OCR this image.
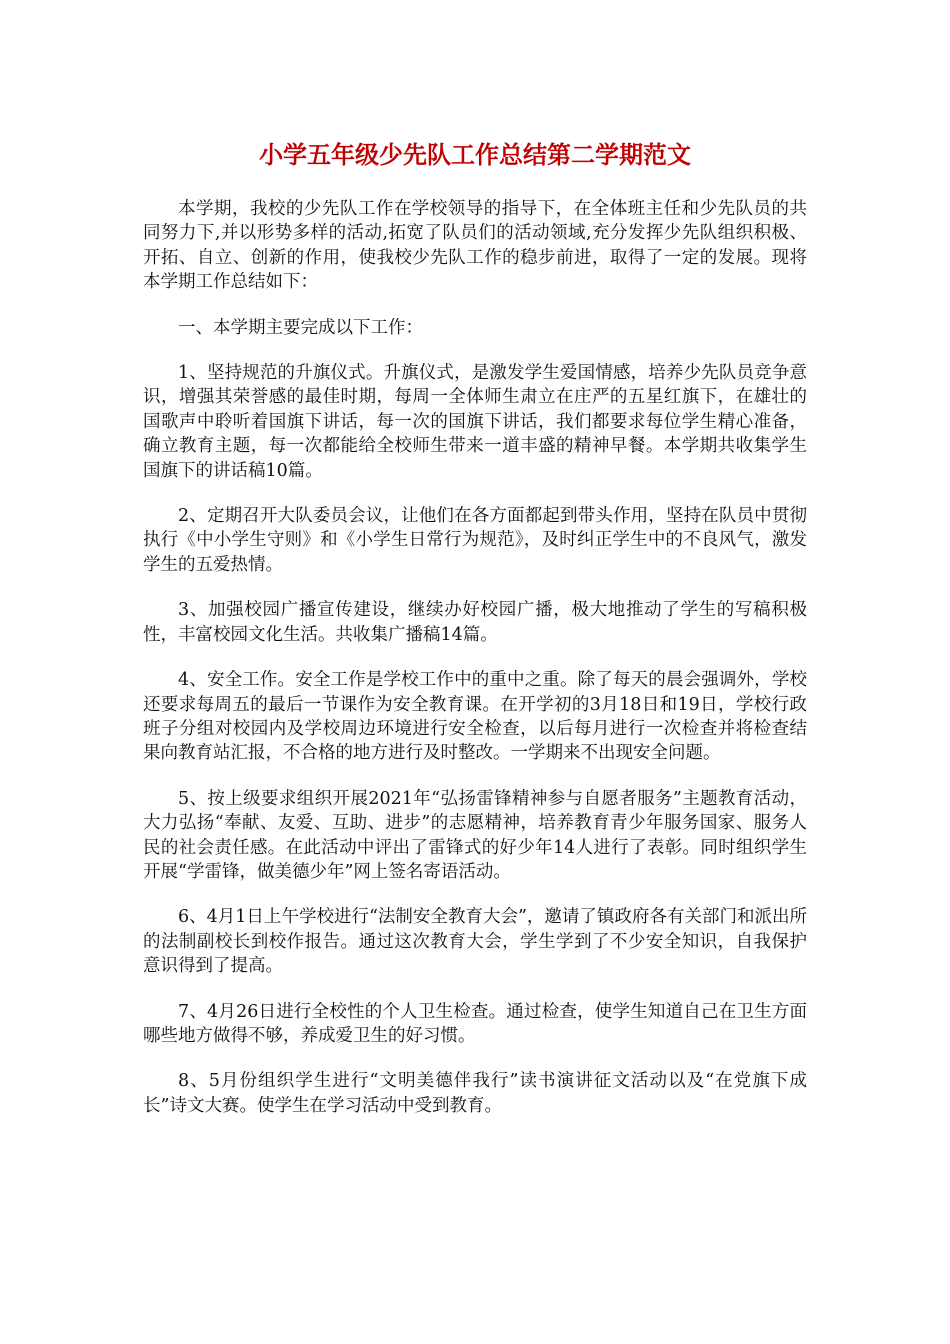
小学五年级少先队工作总结第二学期范文

本学期，我校的少先队工作在学校领导的指导下，在全体班主任和少先队员的共同努力下,并以形势多样的活动,拓宽了队员们的活动领域,充分发挥少先队组织积极、开拓、自立、创新的作用，使我校少先队工作的稳步前进，取得了一定的发展。现将本学期工作总结如下：

一、本学期主要完成以下工作：

1、坚持规范的升旗仪式。升旗仪式，是激发学生爱国情感，培养少先队员竞争意识，增强其荣誉感的最佳时期，每周一全体师生肃立在庄严的五星红旗下，在雄壮的国歌声中聆听着国旗下讲话，每一次的国旗下讲话，我们都要求每位学生精心准备，确立教育主题，每一次都能给全校师生带来一道丰盛的精神早餐。本学期共收集学生国旗下的讲话稿10篇。

2、定期召开大队委员会议，让他们在各方面都起到带头作用，坚持在队员中贯彻执行《中小学生守则》和《小学生日常行为规范》，及时纠正学生中的不良风气，激发学生的五爱热情。

3、加强校园广播宣传建设，继续办好校园广播，极大地推动了学生的写稿积极性，丰富校园文化生活。共收集广播稿14篇。

4、安全工作。安全工作是学校工作中的重中之重。除了每天的晨会强调外，学校还要求每周五的最后一节课作为安全教育课。在开学初的3月18日和19日，学校行政班子分组对校园内及学校周边环境进行安全检查，以后每月进行一次检查并将检查结果向教育站汇报，不合格的地方进行及时整改。一学期来不出现安全问题。

5、按上级要求组织开展2021年“弘扬雷锋精神参与自愿者服务”主题教育活动，大力弘扬“奉献、友爱、互助、进步”的志愿精神，培养教育青少年服务国家、服务人民的社会责任感。在此活动中评出了雷锋式的好少年14人进行了表彰。同时组织学生开展“学雷锋，做美德少年”网上签名寄语活动。

6、4月1日上午学校进行“法制安全教育大会”，邀请了镇政府各有关部门和派出所的法制副校长到校作报告。通过这次教育大会，学生学到了不少安全知识，自我保护意识得到了提高。

7、4月26日进行全校性的个人卫生检查。通过检查，使学生知道自己在卫生方面哪些地方做得不够，养成爱卫生的好习惯。

8、5月份组织学生进行“文明美德伴我行”读书演讲征文活动以及“在党旗下成长”诗文大赛。使学生在学习活动中受到教育。
